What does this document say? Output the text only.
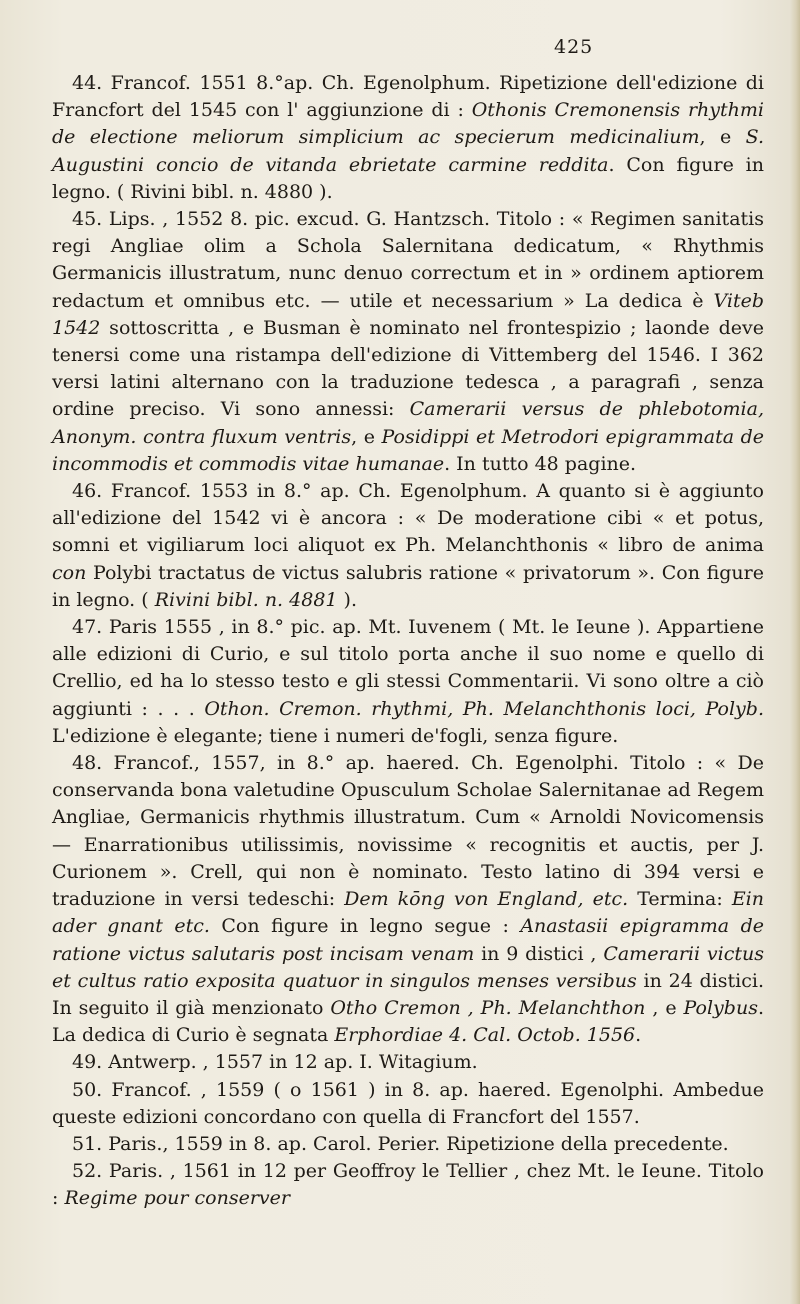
425

44. Francof. 1551 8.°ap. Ch. Egenolphum. Ripetizione dell'edizione di Francfort del 1545 con l' aggiunzione di : Othonis Cremonensis rhythmi de electione meliorum simplicium ac specierum medicinalium, e S. Augustini concio de vitanda ebrietate carmine reddita. Con figure in legno. ( Rivini bibl. n. 4880 ).

45. Lips. , 1552 8. pic. excud. G. Hantzsch. Titolo : « Regimen sanitatis regi Angliae olim a Schola Salernitana dedicatum, « Rhythmis Germanicis illustratum, nunc denuo correctum et in » ordinem aptiorem redactum et omnibus etc. — utile et necessarium » La dedica è Viteb 1542 sottoscritta , e Busman è nominato nel frontespizio ; laonde deve tenersi come una ristampa dell'edizione di Vittemberg del 1546. I 362 versi latini alternano con la traduzione tedesca , a paragrafi , senza ordine preciso. Vi sono annessi: Camerarii versus de phlebotomia, Anonym. contra fluxum ventris, e Posidippi et Metrodori epigrammata de incommodis et commodis vitae humanae. In tutto 48 pagine.

46. Francof. 1553 in 8.° ap. Ch. Egenolphum. A quanto si è aggiunto all'edizione del 1542 vi è ancora : « De moderatione cibi « et potus, somni et vigiliarum loci aliquot ex Ph. Melanchthonis « libro de anima con Polybi tractatus de victus salubris ratione « privatorum ». Con figure in legno. ( Rivini bibl. n. 4881 ).

47. Paris 1555 , in 8.° pic. ap. Mt. Iuvenem ( Mt. le Ieune ). Appartiene alle edizioni di Curio, e sul titolo porta anche il suo nome e quello di Crellio, ed ha lo stesso testo e gli stessi Commentarii. Vi sono oltre a ciò aggiunti : . . . Othon. Cremon. rhythmi, Ph. Melanchthonis loci, Polyb. L'edizione è elegante; tiene i numeri de'fogli, senza figure.

48. Francof., 1557, in 8.° ap. haered. Ch. Egenolphi. Titolo : « De conservanda bona valetudine Opusculum Scholae Salernitanae ad Regem Angliae, Germanicis rhythmis illustratum. Cum « Arnoldi Novicomensis — Enarrationibus utilissimis, novissime « recognitis et auctis, per J. Curionem ». Crell, qui non è nominato. Testo latino di 394 versi e traduzione in versi tedeschi: Dem kōng von England, etc. Termina: Ein ader gnant etc. Con figure in legno segue : Anastasii epigramma de ratione victus salutaris post incisam venam in 9 distici , Camerarii victus et cultus ratio exposita quatuor in singulos menses versibus in 24 distici. In seguito il già menzionato Otho Cremon , Ph. Melanchthon , e Polybus. La dedica di Curio è segnata Erphordiae 4. Cal. Octob. 1556.

49. Antwerp. , 1557 in 12 ap. I. Witagium.

50. Francof. , 1559 ( o 1561 ) in 8. ap. haered. Egenolphi. Ambedue queste edizioni concordano con quella di Francfort del 1557.

51. Paris., 1559 in 8. ap. Carol. Perier. Ripetizione della precedente.

52. Paris. , 1561 in 12 per Geoffroy le Tellier , chez Mt. le Ieune. Titolo : Regime pour conserver
